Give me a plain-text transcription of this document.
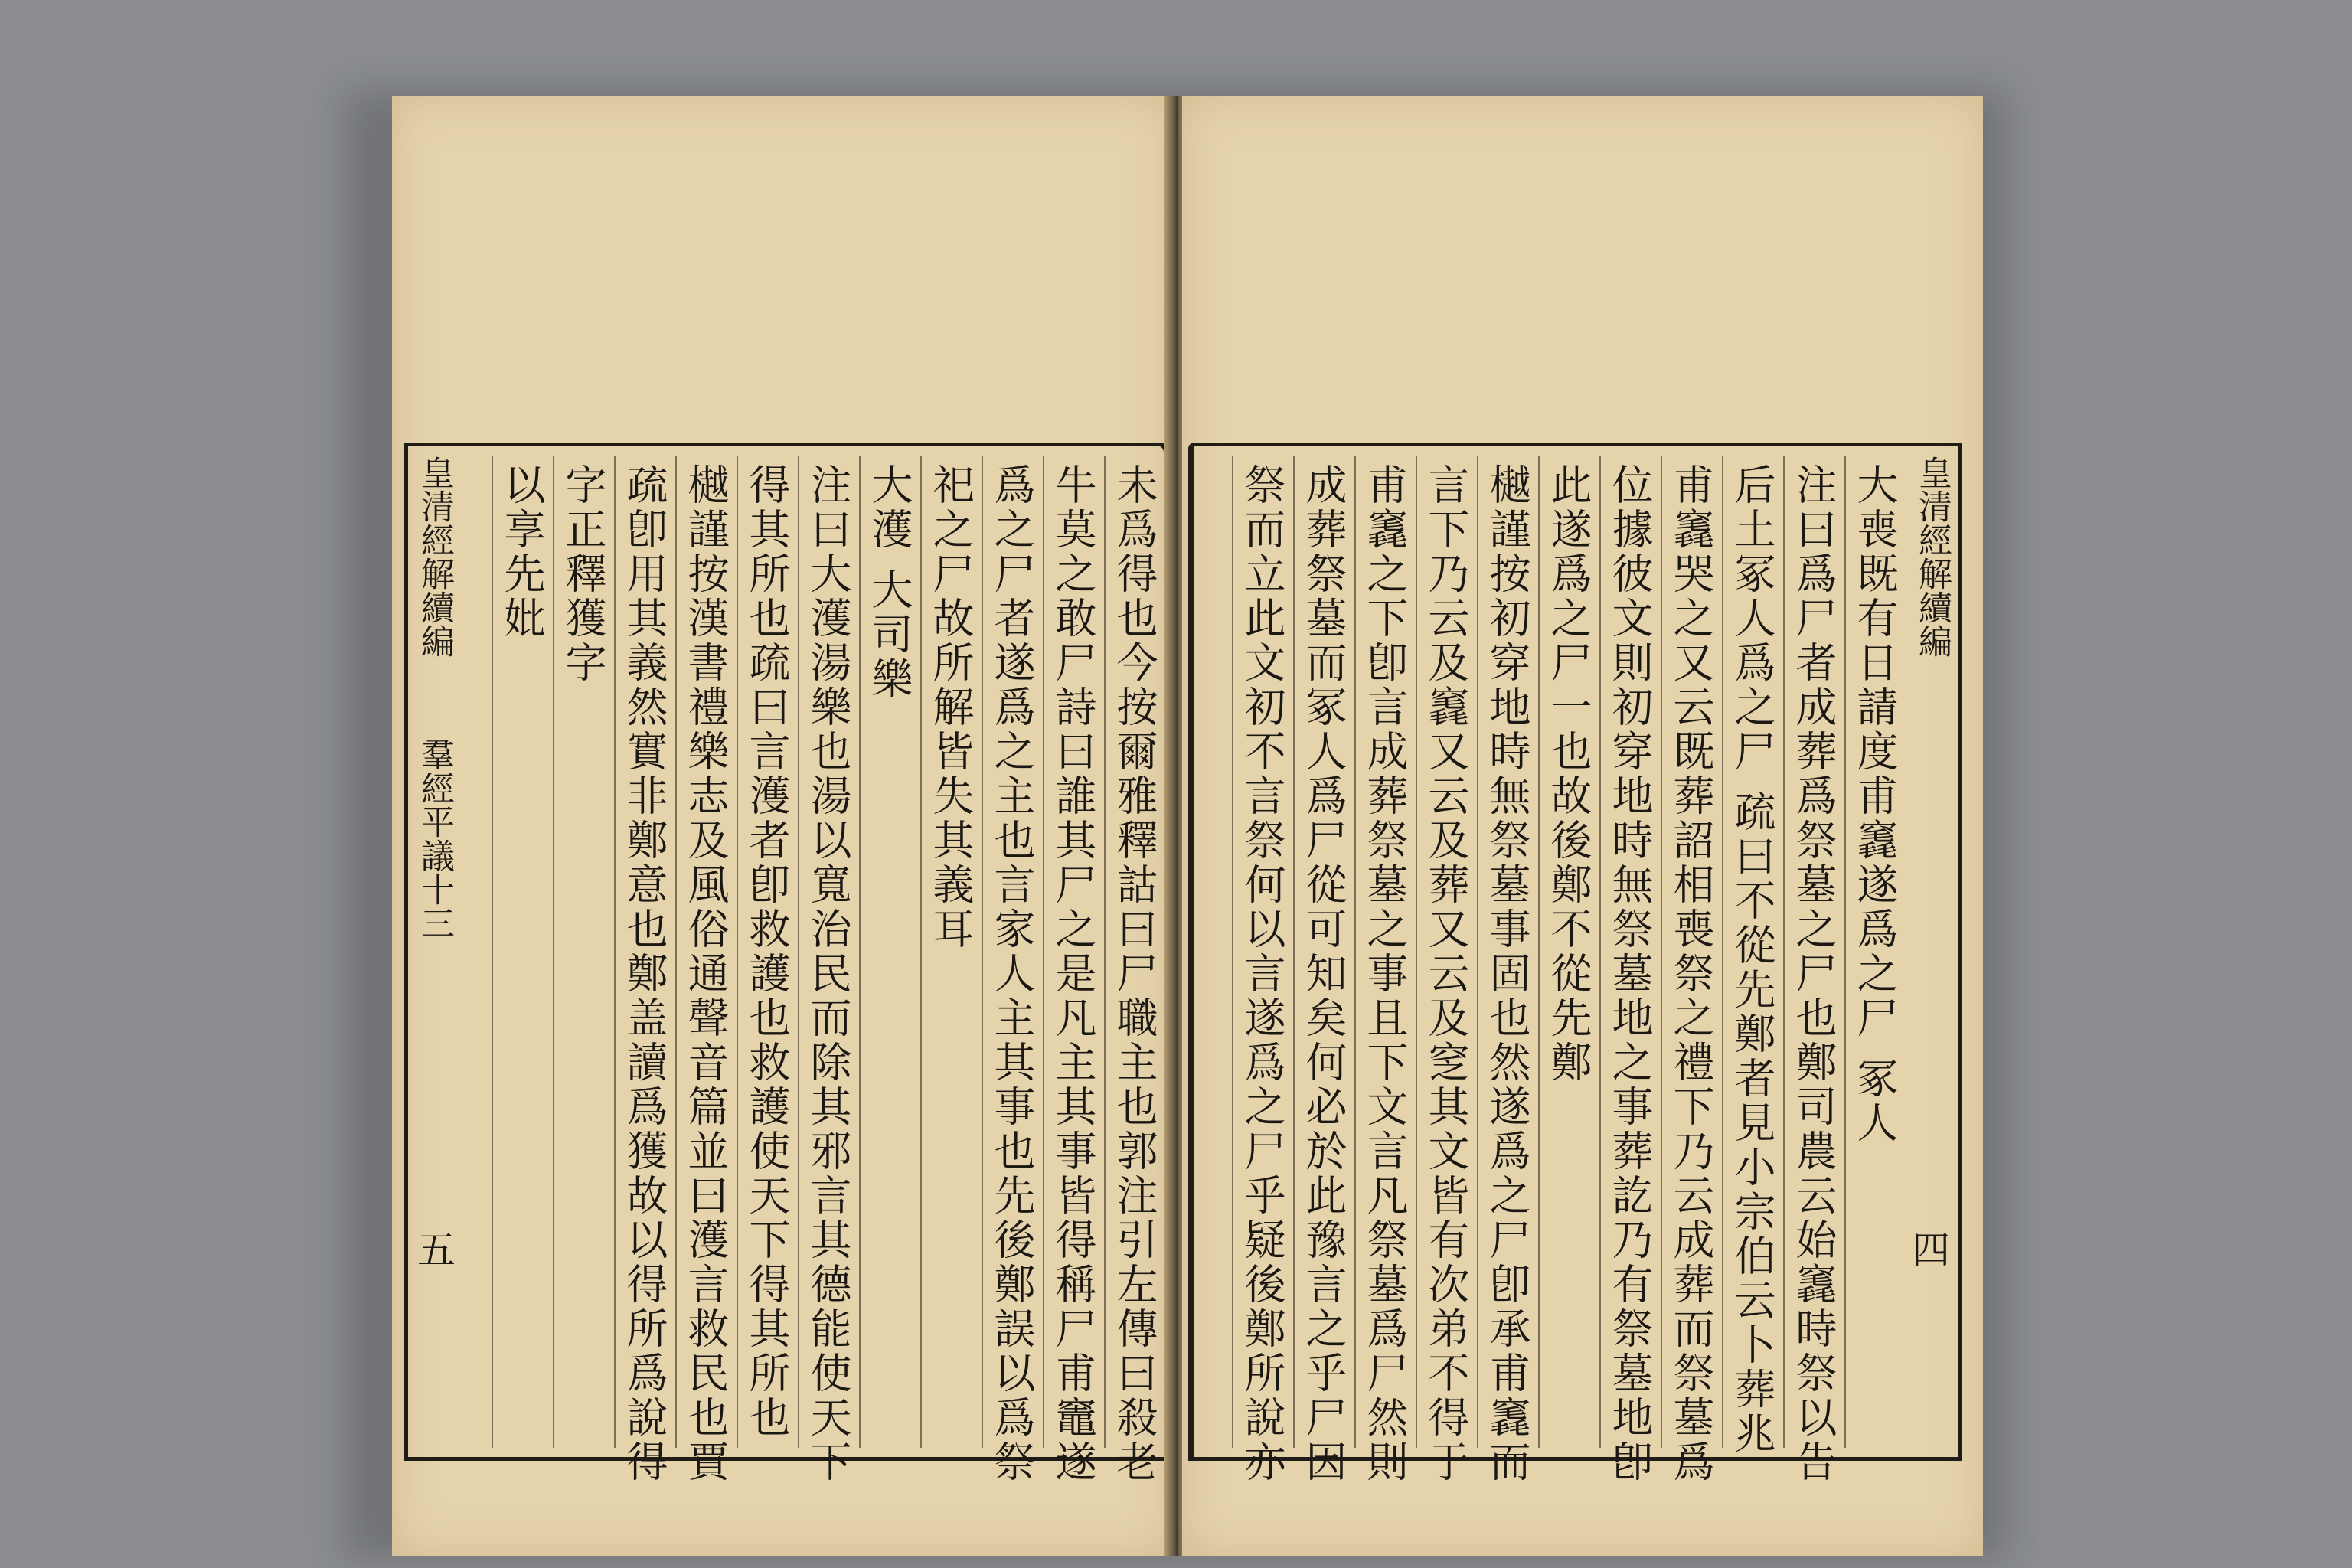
未爲得也今按爾雅釋詁曰尸職主也郭注引左傳曰殺老
牛莫之敢尸詩曰誰其尸之是凡主其事皆得稱尸甫竈遂
爲之尸者遂爲之主也言家人主其事也先後鄭誤以爲祭
祀之尸故所解皆失其義耳
大濩 大司樂
注曰大濩湯樂也湯以寬治民而除其邪言其德能使天下
得其所也疏曰言濩者卽救護也救護使天下得其所也
樾謹按漢書禮樂志及風俗通聲音篇並曰濩言救民也賈
疏卽用其義然實非鄭意也鄭盖讀爲獲故以得所爲說得
字正釋獲字
以享先妣
皇清經解續編
羣經平議十三
五
皇清經解續編
四
大喪既有日請度甫竁遂爲之尸 冢人
注曰爲尸者成葬爲祭墓之尸也鄭司農云始竁時祭以告
后土冢人爲之尸 疏曰不從先鄭者見小宗伯云卜葬兆
甫竁哭之又云既葬詔相喪祭之禮下乃云成葬而祭墓爲
位據彼文則初穿地時無祭墓地之事葬訖乃有祭墓地卽
此遂爲之尸一也故後鄭不從先鄭
樾謹按初穿地時無祭墓事固也然遂爲之尸卽承甫竁而
言下乃云及竁又云及葬又云及窆其文皆有次弟不得于
甫竁之下卽言成葬祭墓之事且下文言凡祭墓爲尸然則
成葬祭墓而冢人爲尸從可知矣何必於此豫言之乎尸因
祭而立此文初不言祭何以言遂爲之尸乎疑後鄭所說亦
